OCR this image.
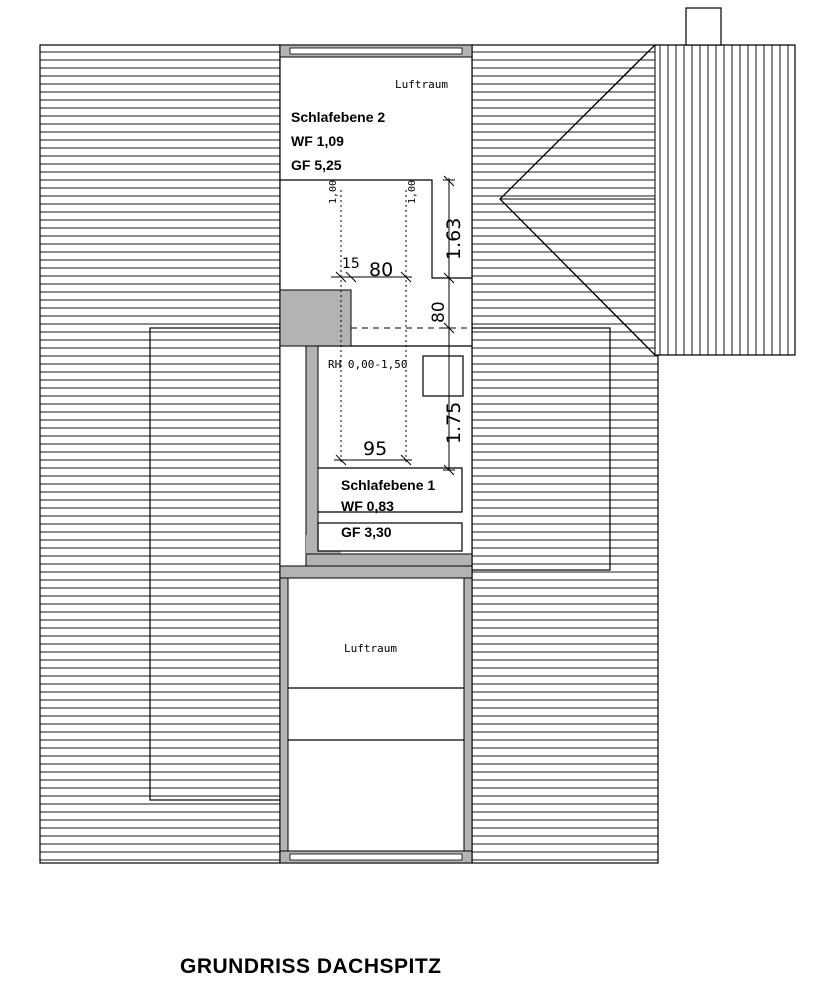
Luftraum
Schlafebene 2
WF 1,09
GF 5,25
1,00	1,00
15 80
1.63
80
RH 0,00-1,50
1.75
95
Schlafebene 1
WF 0,83
GF 3,30
Luftraum
GRUNDRISS DACHSPITZ
